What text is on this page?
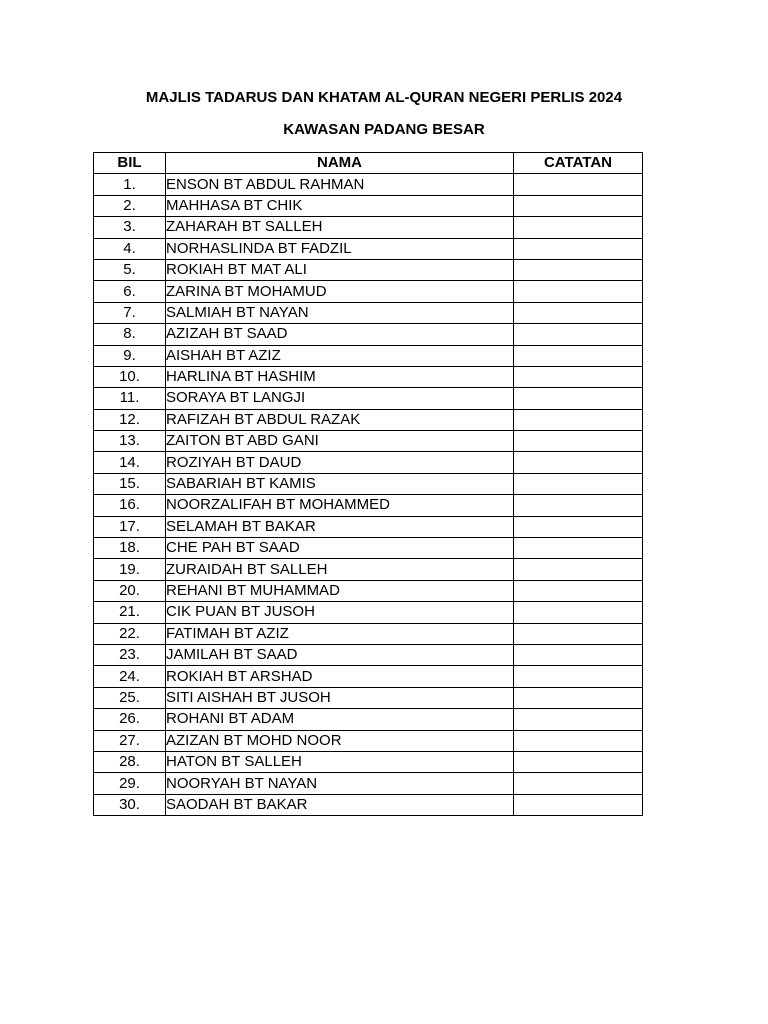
MAJLIS TADARUS DAN KHATAM AL-QURAN NEGERI PERLIS 2024
KAWASAN PADANG BESAR
BIL	NAMA	CATATAN
1.	ENSON BT ABDUL RAHMAN	
2.	MAHHASA BT CHIK	
3.	ZAHARAH BT SALLEH	
4.	NORHASLINDA BT FADZIL	
5.	ROKIAH BT MAT ALI	
6.	ZARINA BT MOHAMUD	
7.	SALMIAH BT NAYAN	
8.	AZIZAH BT SAAD	
9.	AISHAH BT AZIZ	
10.	HARLINA BT HASHIM	
11.	SORAYA BT LANGJI	
12.	RAFIZAH BT ABDUL RAZAK	
13.	ZAITON BT ABD GANI	
14.	ROZIYAH BT DAUD	
15.	SABARIAH BT KAMIS	
16.	NOORZALIFAH BT MOHAMMED	
17.	SELAMAH BT BAKAR	
18.	CHE PAH BT SAAD	
19.	ZURAIDAH BT SALLEH	
20.	REHANI BT MUHAMMAD	
21.	CIK PUAN BT JUSOH	
22.	FATIMAH BT AZIZ	
23.	JAMILAH BT SAAD	
24.	ROKIAH BT ARSHAD	
25.	SITI AISHAH BT JUSOH	
26.	ROHANI BT ADAM	
27.	AZIZAN BT MOHD NOOR	
28.	HATON BT SALLEH	
29.	NOORYAH BT NAYAN	
30.	SAODAH BT BAKAR	
